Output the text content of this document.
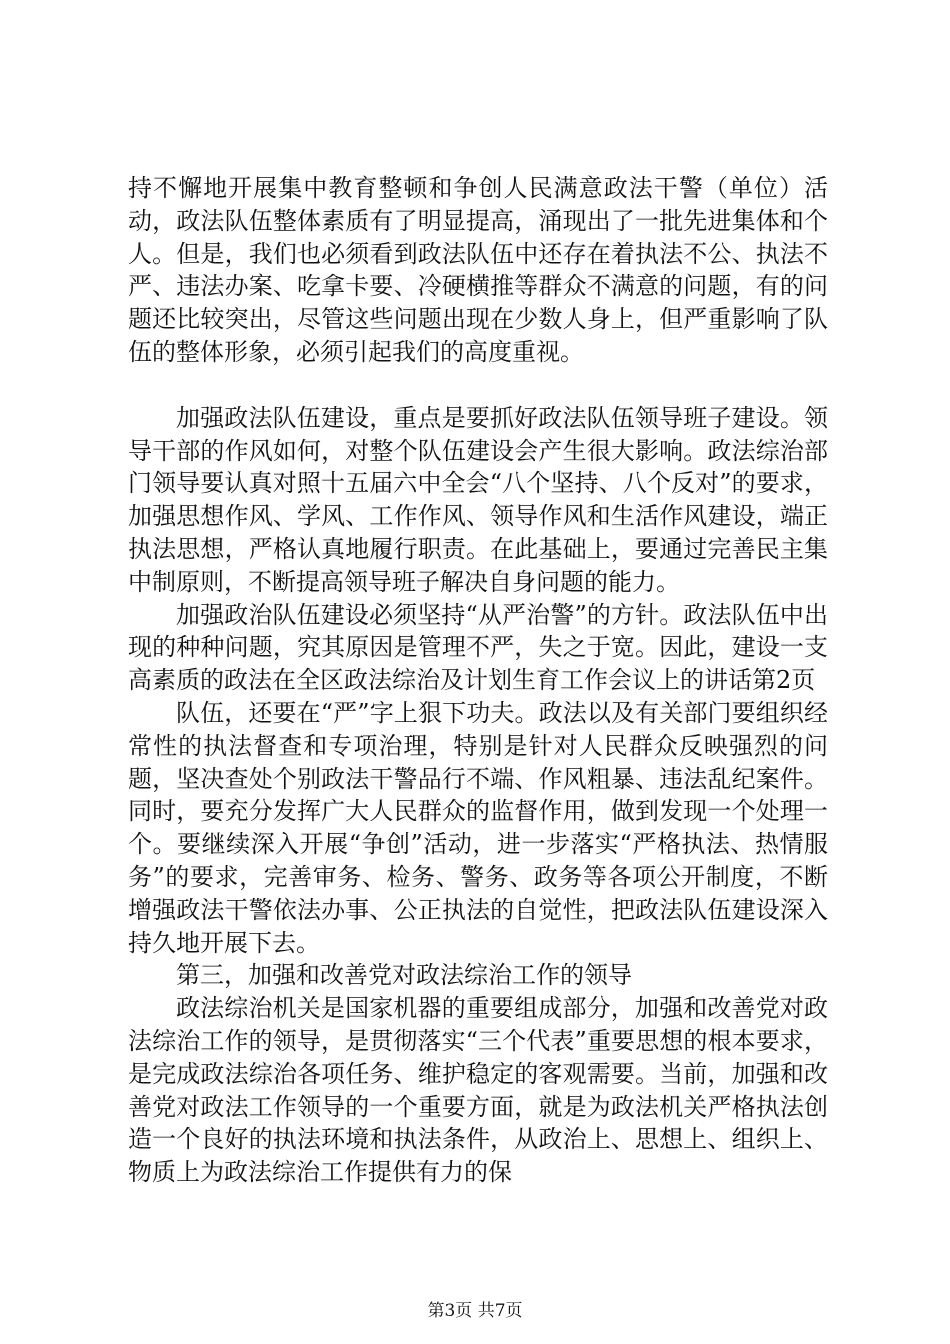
持不懈地开展集中教育整顿和争创人民满意政法干警（单位）活动，政法队伍整体素质有了明显提高，涌现出了一批先进集体和个人。但是，我们也必须看到政法队伍中还存在着执法不公、执法不严、违法办案、吃拿卡要、冷硬横推等群众不满意的问题，有的问题还比较突出，尽管这些问题出现在少数人身上，但严重影响了队伍的整体形象，必须引起我们的高度重视。

加强政法队伍建设，重点是要抓好政法队伍领导班子建设。领导干部的作风如何，对整个队伍建设会产生很大影响。政法综治部门领导要认真对照十五届六中全会“八个坚持、八个反对”的要求，加强思想作风、学风、工作作风、领导作风和生活作风建设，端正执法思想，严格认真地履行职责。在此基础上，要通过完善民主集中制原则，不断提高领导班子解决自身问题的能力。

加强政治队伍建设必须坚持“从严治警”的方针。政法队伍中出现的种种问题，究其原因是管理不严，失之于宽。因此，建设一支高素质的政法在全区政法综治及计划生育工作会议上的讲话第2页

队伍，还要在“严”字上狠下功夫。政法以及有关部门要组织经常性的执法督查和专项治理，特别是针对人民群众反映强烈的问题，坚决查处个别政法干警品行不端、作风粗暴、违法乱纪案件。同时，要充分发挥广大人民群众的监督作用，做到发现一个处理一个。要继续深入开展“争创”活动，进一步落实“严格执法、热情服务”的要求，完善审务、检务、警务、政务等各项公开制度，不断增强政法干警依法办事、公正执法的自觉性，把政法队伍建设深入持久地开展下去。

第三，加强和改善党对政法综治工作的领导

政法综治机关是国家机器的重要组成部分，加强和改善党对政法综治工作的领导，是贯彻落实“三个代表”重要思想的根本要求，是完成政法综治各项任务、维护稳定的客观需要。当前，加强和改善党对政法工作领导的一个重要方面，就是为政法机关严格执法创造一个良好的执法环境和执法条件，从政治上、思想上、组织上、物质上为政法综治工作提供有力的保

第3页 共7页
